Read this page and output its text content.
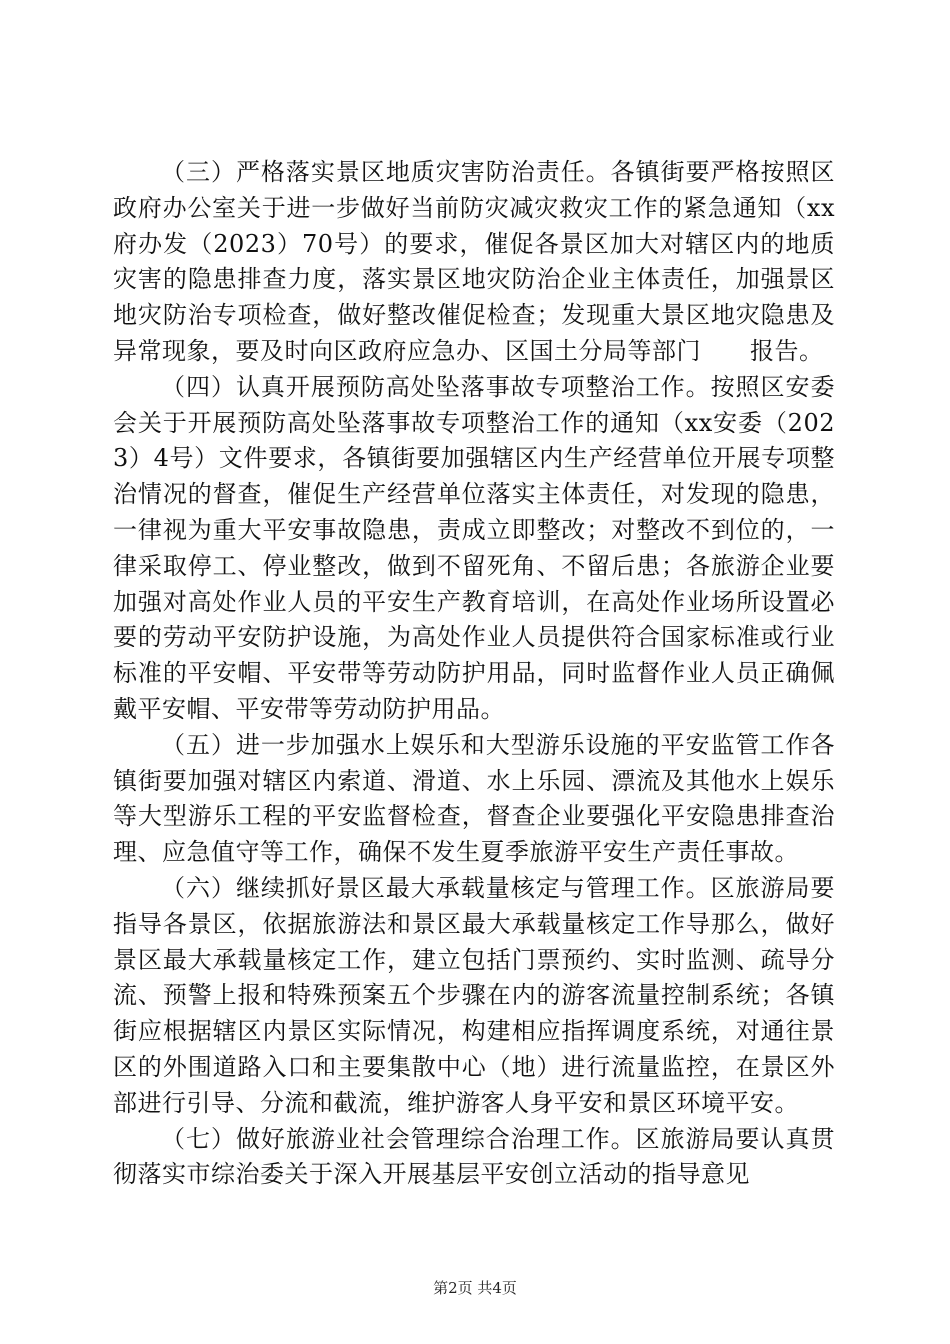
（三）严格落实景区地质灾害防治责任。各镇街要严格按照区政府办公室关于进一步做好当前防灾减灾救灾工作的紧急通知（xx府办发（2023）70号）的要求，催促各景区加大对辖区内的地质灾害的隐患排查力度，落实景区地灾防治企业主体责任，加强景区地灾防治专项检查，做好整改催促检查；发现重大景区地灾隐患及异常现象，要及时向区政府应急办、区国土分局等部门　　报告。

（四）认真开展预防高处坠落事故专项整治工作。按照区安委会关于开展预防高处坠落事故专项整治工作的通知（xx安委（2023）4号）文件要求，各镇街要加强辖区内生产经营单位开展专项整治情况的督查，催促生产经营单位落实主体责任，对发现的隐患，一律视为重大平安事故隐患，责成立即整改；对整改不到位的，一律采取停工、停业整改，做到不留死角、不留后患；各旅游企业要加强对高处作业人员的平安生产教育培训，在高处作业场所设置必要的劳动平安防护设施，为高处作业人员提供符合国家标准或行业标准的平安帽、平安带等劳动防护用品，同时监督作业人员正确佩戴平安帽、平安带等劳动防护用品。

（五）进一步加强水上娱乐和大型游乐设施的平安监管工作各镇街要加强对辖区内索道、滑道、水上乐园、漂流及其他水上娱乐等大型游乐工程的平安监督检查，督查企业要强化平安隐患排查治理、应急值守等工作，确保不发生夏季旅游平安生产责任事故。

（六）继续抓好景区最大承载量核定与管理工作。区旅游局要指导各景区，依据旅游法和景区最大承载量核定工作导那么，做好景区最大承载量核定工作，建立包括门票预约、实时监测、疏导分流、预警上报和特殊预案五个步骤在内的游客流量控制系统；各镇街应根据辖区内景区实际情况，构建相应指挥调度系统，对通往景区的外围道路入口和主要集散中心（地）进行流量监控，在景区外部进行引导、分流和截流，维护游客人身平安和景区环境平安。

（七）做好旅游业社会管理综合治理工作。区旅游局要认真贯彻落实市综治委关于深入开展基层平安创立活动的指导意见

第2页 共4页
